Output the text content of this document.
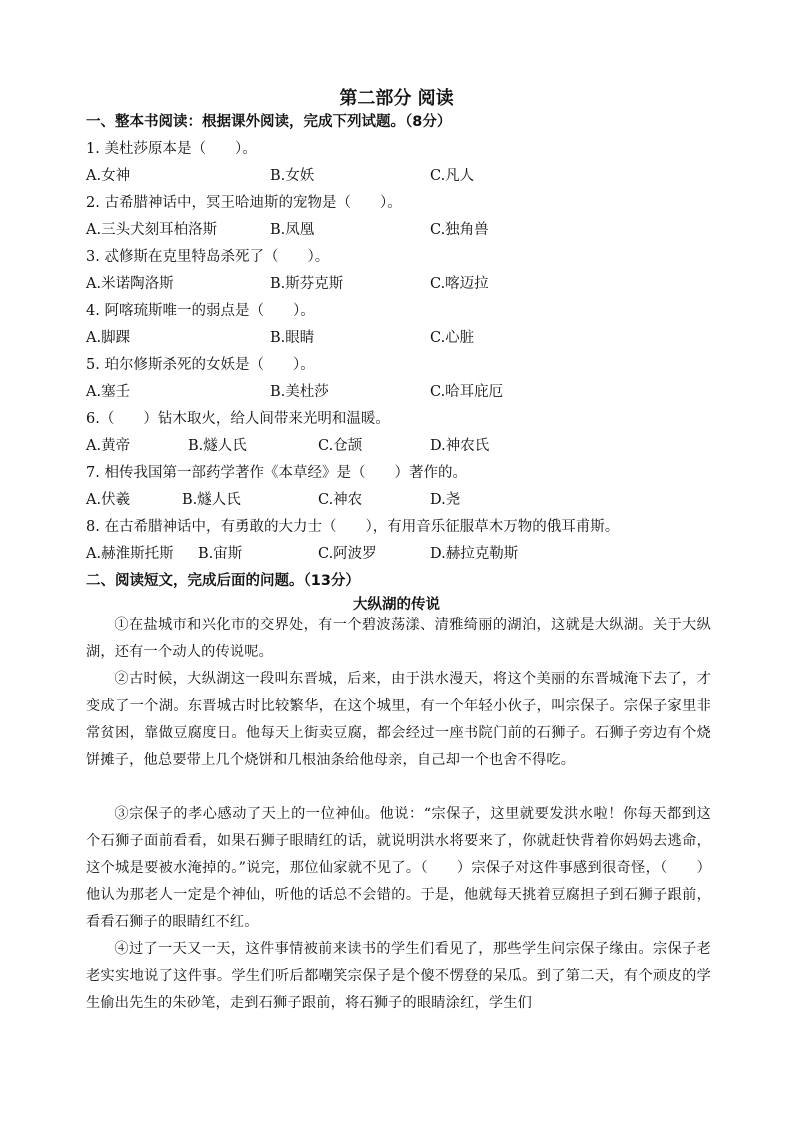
第二部分 阅读
一、整本书阅读：根据课外阅读，完成下列试题。（8分）
1. 美杜莎原本是（　　）。
A.女神	B.女妖	C.凡人
2. 古希腊神话中，冥王哈迪斯的宠物是（　　）。
A.三头犬刻耳柏洛斯	B.凤凰	C.独角兽
3. 忒修斯在克里特岛杀死了（　　）。
A.米诺陶洛斯	B.斯芬克斯	C.喀迈拉
4. 阿喀琉斯唯一的弱点是（　　）。
A.脚踝	B.眼睛	C.心脏
5. 珀尔修斯杀死的女妖是（　　）。
A.塞壬	B.美杜莎	C.哈耳庇厄
6.（　　）钻木取火，给人间带来光明和温暖。
A.黄帝	B.燧人氏	C.仓颉	D.神农氏
7. 相传我国第一部药学著作《本草经》是（　　）著作的。
A.伏羲	B.燧人氏	C.神农	D.尧
8. 在古希腊神话中，有勇敢的大力士（　　），有用音乐征服草木万物的俄耳甫斯。
A.赫淮斯托斯 B.宙斯	C.阿波罗	D.赫拉克勒斯
二、阅读短文，完成后面的问题。（13分）
大纵湖的传说
①在盐城市和兴化市的交界处，有一个碧波荡漾、清雅绮丽的湖泊，这就是大纵湖。关于大纵湖，还有一个动人的传说呢。
②古时候，大纵湖这一段叫东晋城，后来，由于洪水漫天，将这个美丽的东晋城淹下去了，才变成了一个湖。东晋城古时比较繁华，在这个城里，有一个年轻小伙子，叫宗保子。宗保子家里非常贫困，靠做豆腐度日。他每天上街卖豆腐，都会经过一座书院门前的石狮子。石狮子旁边有个烧饼摊子，他总要带上几个烧饼和几根油条给他母亲，自己却一个也舍不得吃。
③宗保子的孝心感动了天上的一位神仙。他说：“宗保子，这里就要发洪水啦！你每天都到这个石狮子面前看看，如果石狮子眼睛红的话，就说明洪水将要来了，你就赶快背着你妈妈去逃命，这个城是要被水淹掉的。”说完，那位仙家就不见了。（　　）宗保子对这件事感到很奇怪，（　　）他认为那老人一定是个神仙，听他的话总不会错的。于是，他就每天挑着豆腐担子到石狮子跟前，看看石狮子的眼睛红不红。
④过了一天又一天，这件事情被前来读书的学生们看见了，那些学生问宗保子缘由。宗保子老老实实地说了这件事。学生们听后都嘲笑宗保子是个傻不愣登的呆瓜。到了第二天，有个顽皮的学生偷出先生的朱砂笔，走到石狮子跟前，将石狮子的眼睛涂红，学生们
